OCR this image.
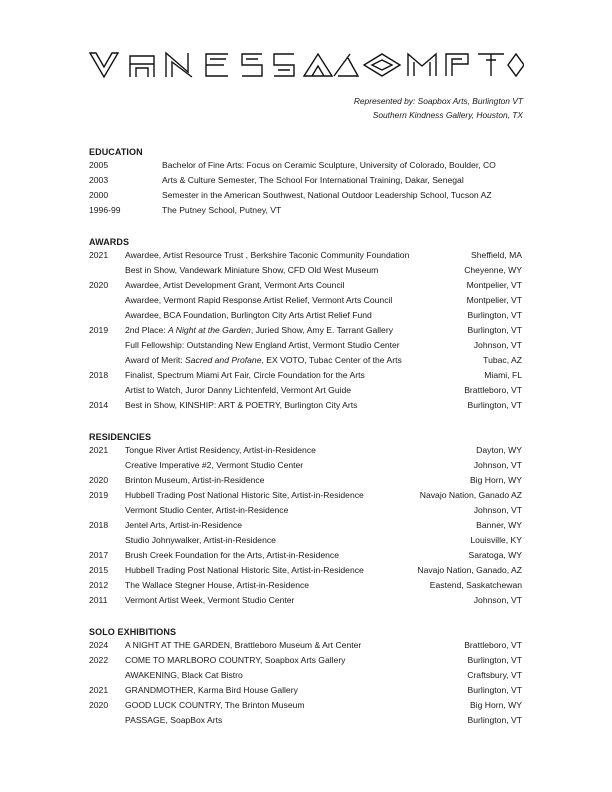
Represented by: Soapbox Arts, Burlington VT
Southern Kindness Gallery, Houston, TX
EDUCATION
2005	Bachelor of Fine Arts: Focus on Ceramic Sculpture, University of Colorado, Boulder, CO
2003	Arts & Culture Semester, The School For International Training, Dakar, Senegal
2000	Semester in the American Southwest, National Outdoor Leadership School, Tucson AZ
1996-99	The Putney School, Putney, VT
AWARDS
2021 Awardee, Artist Resource Trust , Berkshire Taconic Community Foundation	Sheffield, MA
Best in Show, Vandewark Miniature Show, CFD Old West Museum	Cheyenne, WY
2020 Awardee, Artist Development Grant, Vermont Arts Council	Montpelier, VT
Awardee, Vermont Rapid Response Artist Relief, Vermont Arts Council	Montpelier, VT
Awardee, BCA Foundation, Burlington City Arts Artist Relief Fund	Burlington, VT
2019 2nd Place: A Night at the Garden, Juried Show, Amy E. Tarrant Gallery	Burlington, VT
Full Fellowship: Outstanding New England Artist, Vermont Studio Center	Johnson, VT
Award of Merit: Sacred and Profane, EX VOTO, Tubac Center of the Arts	Tubac, AZ
2018 Finalist, Spectrum Miami Art Fair, Circle Foundation for the Arts	Miami, FL
Artist to Watch, Juror Danny Lichtenfeld, Vermont Art Guide	Brattleboro, VT
2014 Best in Show, KINSHIP: ART & POETRY, Burlington City Arts	Burlington, VT
RESIDENCIES
2021 Tongue River Artist Residency, Artist-in-Residence	Dayton, WY
Creative Imperative #2, Vermont Studio Center	Johnson, VT
2020 Brinton Museum, Artist-in-Residence	Big Horn, WY
2019 Hubbell Trading Post National Historic Site, Artist-in-Residence	Navajo Nation, Ganado AZ
Vermont Studio Center, Artist-in-Residence	Johnson, VT
2018 Jentel Arts, Artist-in-Residence	Banner, WY
Studio Johnywalker, Artist-in-Residence	Louisville, KY
2017 Brush Creek Foundation for the Arts, Artist-in-Residence	Saratoga, WY
2015 Hubbell Trading Post National Historic Site, Artist-in-Residence	Navajo Nation, Ganado, AZ
2012 The Wallace Stegner House, Artist-in-Residence	Eastend, Saskatchewan
2011 Vermont Artist Week, Vermont Studio Center	Johnson, VT
SOLO EXHIBITIONS
2024 A NIGHT AT THE GARDEN, Brattleboro Museum & Art Center	Brattleboro, VT
2022 COME TO MARLBORO COUNTRY, Soapbox Arts Gallery	Burlington, VT
AWAKENING, Black Cat Bistro	Craftsbury, VT
2021 GRANDMOTHER, Karma Bird House Gallery	Burlington, VT
2020 GOOD LUCK COUNTRY, The Brinton Museum	Big Horn, WY
PASSAGE, SoapBox Arts	Burlington, VT
